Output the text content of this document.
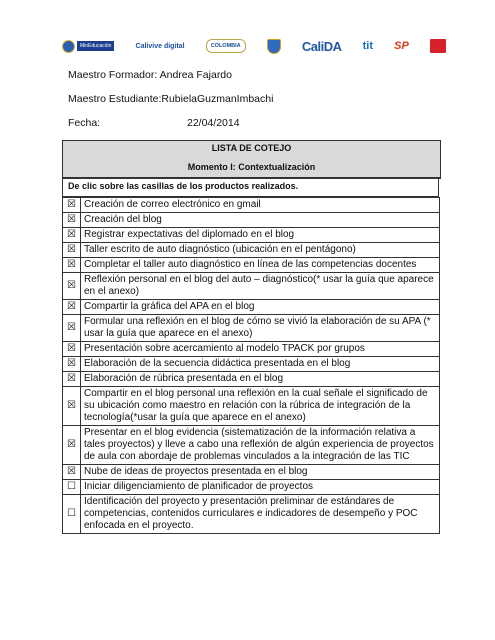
MinEducación	Calivive digital	COLOMBIA	CaliDA tit SP
Maestro Formador: Andrea Fajardo
Maestro Estudiante:RubielaGuzmanImbachi
Fecha:	22/04/2014
LISTA DE COTEJO
Momento I: Contextualización
De clic sobre las casillas de los productos realizados.
☒	Creación de correo electrónico en gmail
☒	Creación del blog
☒	Registrar expectativas del diplomado en el blog
☒	Taller escrito de auto diagnóstico (ubicación en el pentágono)
☒	Completar el taller auto diagnóstico en línea de las competencias docentes
☒	Reflexión personal en el blog del auto – diagnóstico(* usar la guía que aparece en el anexo)
☒	Compartir la gráfica del APA en el blog
☒	Formular una reflexión en el blog de cómo se vivió la elaboración de su APA (* usar la guía que aparece en el anexo)
☒	Presentación sobre acercamiento al modelo TPACK por grupos
☒	Elaboración de la secuencia didáctica presentada en el blog
☒	Elaboración de rúbrica presentada en el blog
☒	Compartir en el blog personal una reflexión en la cual señale el significado de su ubicación como maestro en relación con la rúbrica de integración de la tecnología(*usar la guía que aparece en el anexo)
☒	Presentar en el blog evidencia (sistematización de la información relativa a tales proyectos) y lleve a cabo una reflexión de algún experiencia de proyectos de aula con abordaje de problemas vinculados a la integración de las TIC
☒	Nube de ideas de proyectos presentada en el blog
☐	Iniciar diligenciamiento de planificador de proyectos
☐	Identificación del proyecto y presentación preliminar de estándares de competencias, contenidos curriculares e indicadores de desempeño y POC enfocada en el proyecto.
